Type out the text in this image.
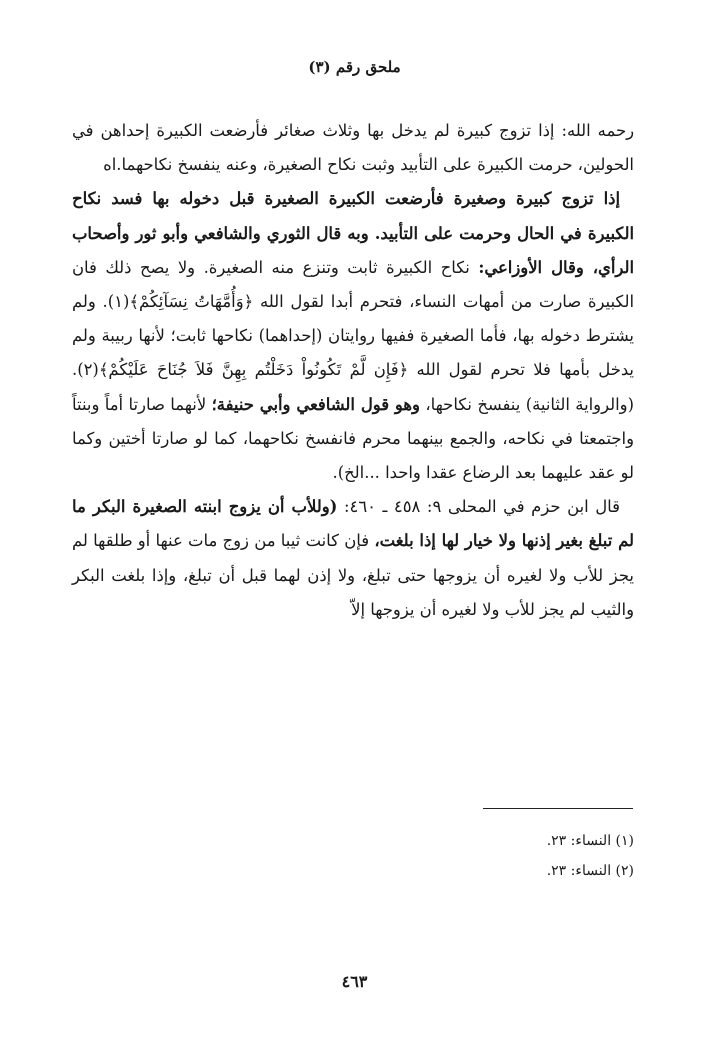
ملحق رقم (٣)

رحمه الله: إذا تزوج كبيرة لم يدخل بها وثلاث صغائر فأرضعت الكبيرة إحداهن في الحولين، حرمت الكبيرة على التأبيد وثبت نكاح الصغيرة، وعنه ينفسخ نكاحهما.اه

إذا تزوج كبيرة وصغيرة فأرضعت الكبيرة الصغيرة قبل دخوله بها فسد نكاح الكبيرة في الحال وحرمت على التأبيد. وبه قال الثوري والشافعي وأبو ثور وأصحاب الرأي، وقال الأوزاعي: نكاح الكبيرة ثابت وتنزع منه الصغيرة. ولا يصح ذلك فان الكبيرة صارت من أمهات النساء، فتحرم أبدا لقول الله ﴿وَأُمَّهَاتُ نِسَآئِكُمْ﴾(١). ولم يشترط دخوله بها، فأما الصغيرة ففيها روايتان (إحداهما) نكاحها ثابت؛ لأنها ربيبة ولم يدخل بأمها فلا تحرم لقول الله ﴿فَإِن لَّمْ تَكُونُواْ دَخَلْتُم بِهِنَّ فَلاَ جُنَاحَ عَلَيْكُمْ﴾(٢). (والرواية الثانية) ينفسخ نكاحها، وهو قول الشافعي وأبي حنيفة؛ لأنهما صارتا أماً وبنتاً واجتمعتا في نكاحه، والجمع بينهما محرم فانفسخ نكاحهما، كما لو صارتا أختين وكما لو عقد عليهما بعد الرضاع عقدا واحدا ...الخ).

قال ابن حزم في المحلى ٩: ٤٥٨ ـ ٤٦٠: (وللأب أن يزوج ابنته الصغيرة البكر ما لم تبلغ بغير إذنها ولا خيار لها إذا بلغت، فإن كانت ثيبا من زوج مات عنها أو طلقها لم يجز للأب ولا لغيره أن يزوجها حتى تبلغ، ولا إذن لهما قبل أن تبلغ، وإذا بلغت البكر والثيب لم يجز للأب ولا لغيره أن يزوجها إلاّ

(١) النساء: ٢٣.
(٢) النساء: ٢٣.
٤٦٣
